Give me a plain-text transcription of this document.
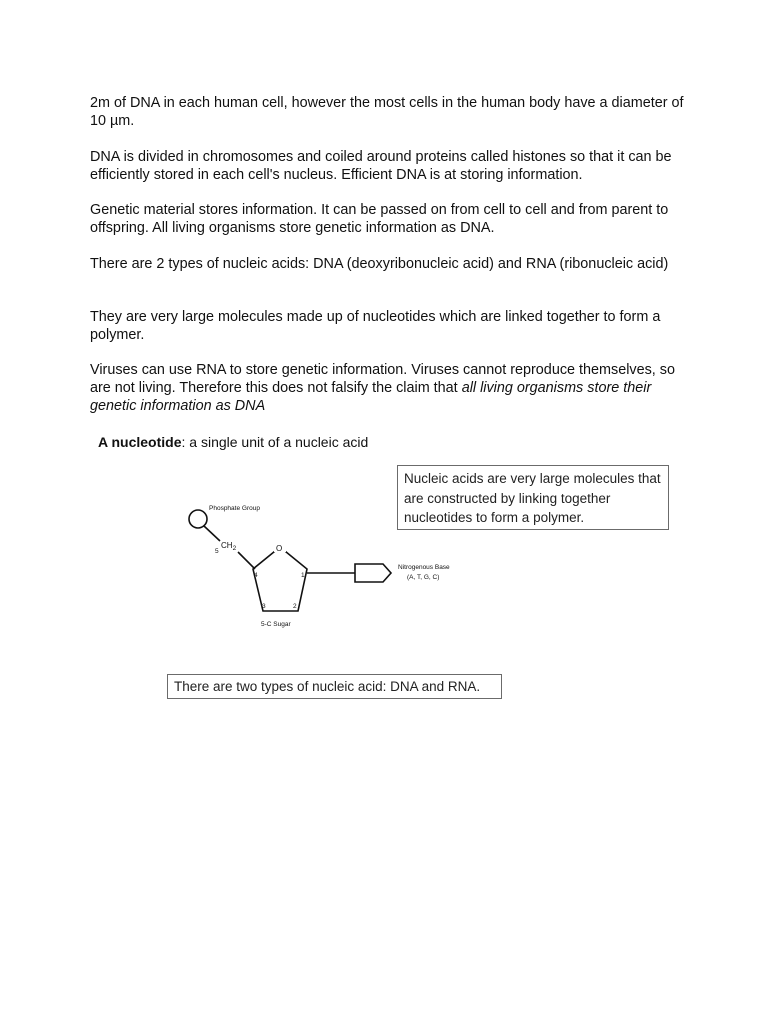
2m of DNA in each human cell, however the most cells in the human body have a diameter of 10 µm.

DNA is divided in chromosomes and coiled around proteins called histones so that it can be efficiently stored in each cell's nucleus. Efficient DNA is at storing information.

Genetic material stores information. It can be passed on from cell to cell and from parent to offspring. All living organisms store genetic information as DNA.

There are 2 types of nucleic acids: DNA (deoxyribonucleic acid) and RNA (ribonucleic acid)

They are very large molecules made up of nucleotides which are linked together to form a polymer.

Viruses can use RNA to store genetic information. Viruses cannot reproduce themselves, so are not living. Therefore this does not falsify the claim that all living organisms store their genetic information as DNA

A nucleotide: a single unit of a nucleic acid
Nucleic acids are very large molecules that are constructed by linking together nucleotides to form a polymer.
Phosphate Group
5
$CH_2$	O
4	1
3	2
5-C Sugar
Nitrogenous Base
(A, T, G, C)
There are two types of nucleic acid: DNA and RNA.
